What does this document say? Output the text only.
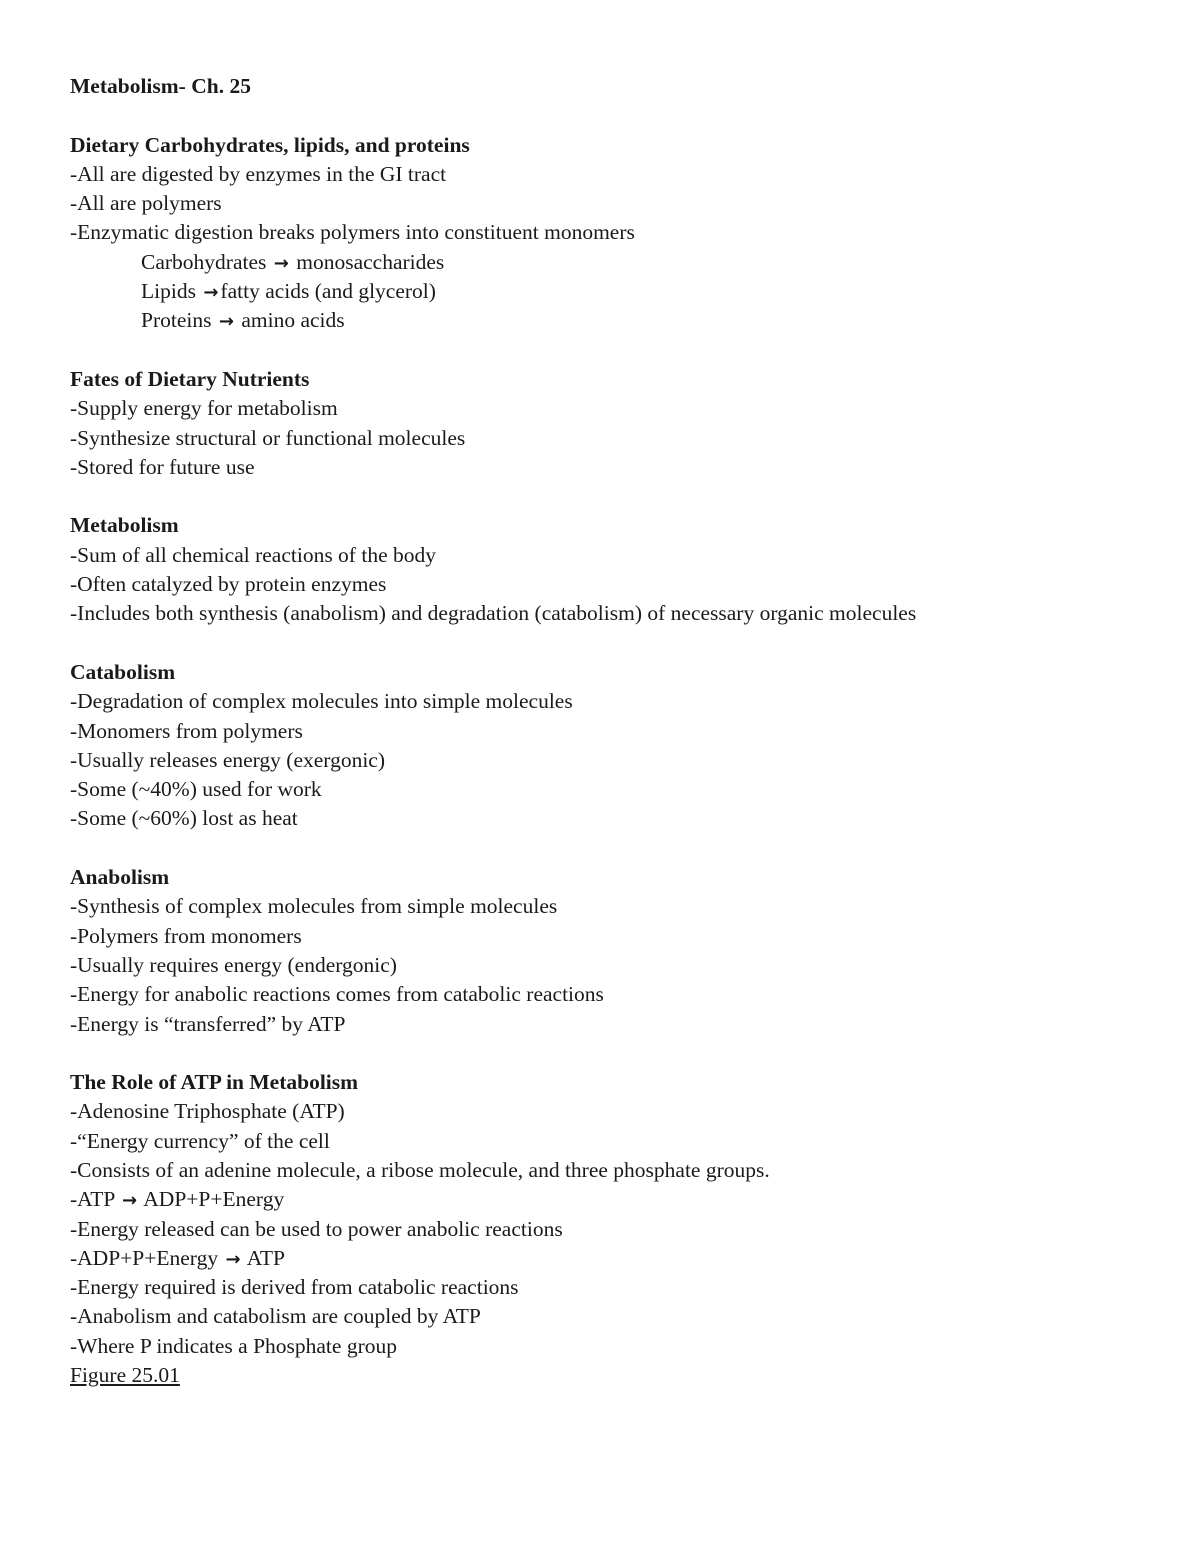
Metabolism- Ch. 25
Dietary Carbohydrates, lipids, and proteins
-All are digested by enzymes in the GI tract
-All are polymers
-Enzymatic digestion breaks polymers into constituent monomers
Carbohydrates → monosaccharides
Lipids →fatty acids (and glycerol)
Proteins → amino acids
Fates of Dietary Nutrients
-Supply energy for metabolism
-Synthesize structural or functional molecules
-Stored for future use
Metabolism
-Sum of all chemical reactions of the body
-Often catalyzed by protein enzymes
-Includes both synthesis (anabolism) and degradation (catabolism) of necessary organic molecules
Catabolism
-Degradation of complex molecules into simple molecules
-Monomers from polymers
-Usually releases energy (exergonic)
-Some (~40%) used for work
-Some (~60%) lost as heat
Anabolism
-Synthesis of complex molecules from simple molecules
-Polymers from monomers
-Usually requires energy (endergonic)
-Energy for anabolic reactions comes from catabolic reactions
-Energy is “transferred” by ATP
The Role of ATP in Metabolism
-Adenosine Triphosphate (ATP)
-“Energy currency” of the cell
-Consists of an adenine molecule, a ribose molecule, and three phosphate groups.
-ATP → ADP+P+Energy
-Energy released can be used to power anabolic reactions
-ADP+P+Energy → ATP
-Energy required is derived from catabolic reactions
-Anabolism and catabolism are coupled by ATP
-Where P indicates a Phosphate group
Figure 25.01
